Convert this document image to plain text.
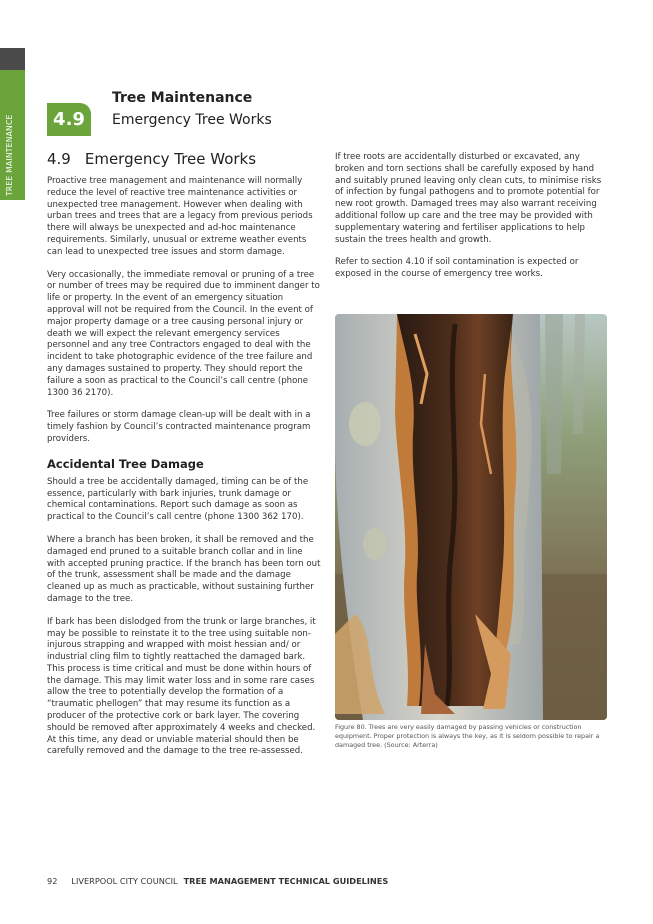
TREE MAINTENANCE	4.9
Tree Maintenance
Emergency Tree Works
4.9 Emergency Tree Works

Proactive tree management and maintenance will normally reduce the level of reactive tree maintenance activities or unexpected tree management. However when dealing with urban trees and trees that are a legacy from previous periods there will always be unexpected and ad-hoc maintenance requirements. Similarly, unusual or extreme weather events can lead to unexpected tree issues and storm damage.

Very occasionally, the immediate removal or pruning of a tree or number of trees may be required due to imminent danger to life or property. In the event of an emergency situation approval will not be required from the Council. In the event of major property damage or a tree causing personal injury or death we will expect the relevant emergency services personnel and any tree Contractors engaged to deal with the incident to take photographic evidence of the tree failure and any damages sustained to property. They should report the failure a soon as practical to the Council’s call centre (phone 1300 36 2170).

Tree failures or storm damage clean-up will be dealt with in a timely fashion by Council’s contracted maintenance program providers.

Accidental Tree Damage

Should a tree be accidentally damaged, timing can be of the essence, particularly with bark injuries, trunk damage or chemical contaminations. Report such damage as soon as practical to the Council’s call centre (phone 1300 362 170).

Where a branch has been broken, it shall be removed and the damaged end pruned to a suitable branch collar and in line with accepted pruning practice. If the branch has been torn out of the trunk, assessment shall be made and the damage cleaned up as much as practicable, without sustaining further damage to the tree.

If bark has been dislodged from the trunk or large branches, it may be possible to reinstate it to the tree using suitable non-injurous strapping and wrapped with moist hessian and/ or industrial cling film to tightly reattached the damaged bark. This process is time critical and must be done within hours of the damage. This may limit water loss and in some rare cases allow the tree to potentially develop the formation of a “traumatic phellogen” that may resume its function as a producer of the protective cork or bark layer. The covering should be removed after approximately 4 weeks and checked. At this time, any dead or unviable material should then be carefully removed and the damage to the tree re-assessed.

If tree roots are accidentally disturbed or excavated, any broken and torn sections shall be carefully exposed by hand and suitably pruned leaving only clean cuts, to minimise risks of infection by fungal pathogens and to promote potential for new root growth. Damaged trees may also warrant receiving additional follow up care and the tree may be provided with supplementary watering and fertiliser applications to help sustain the trees health and growth.

Refer to section 4.10 if soil contamination is expected or exposed in the course of emergency tree works.

Figure 80. Trees are very easily damaged by passing vehicles or construction equipment. Proper protection is always the key, as it is seldom possible to repair a damaged tree. (Source: Arterra)
92 LIVERPOOL CITY COUNCIL TREE MANAGEMENT TECHNICAL GUIDELINES
